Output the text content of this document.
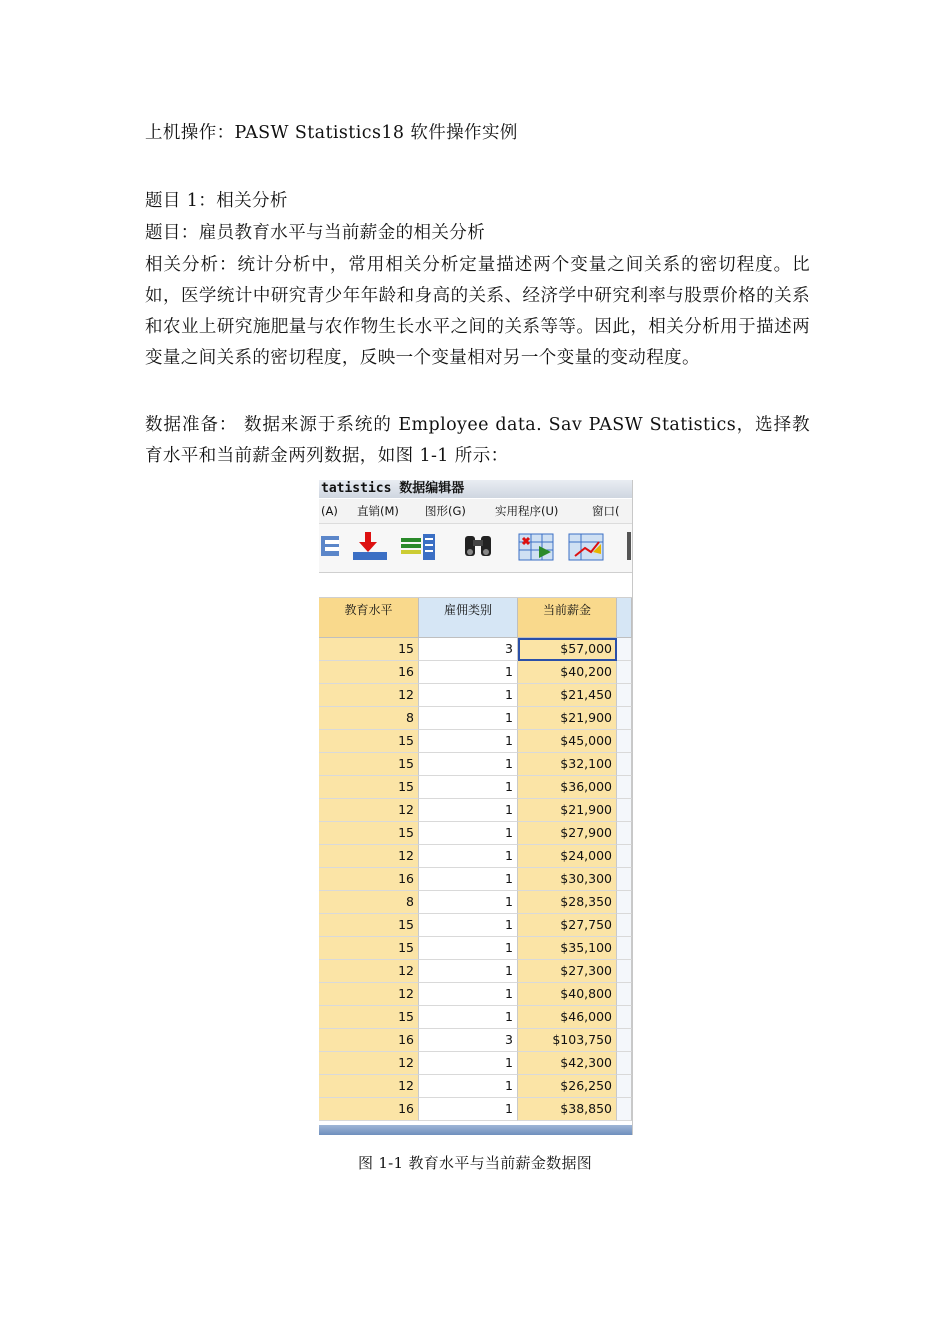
上机操作：PASW Statistics18 软件操作实例
题目 1：相关分析
题目：雇员教育水平与当前薪金的相关分析
相关分析：统计分析中，常用相关分析定量描述两个变量之间关系的密切程度。比如，医学统计中研究青少年年龄和身高的关系、经济学中研究利率与股票价格的关系和农业上研究施肥量与农作物生长水平之间的关系等等。因此，相关分析用于描述两变量之间关系的密切程度，反映一个变量相对另一个变量的变动程度。
数据准备： 数据来源于系统的 Employee data. Sav PASW Statistics，选择教育水平和当前薪金两列数据，如图 1-1 所示：
tatistics 数据编辑器
(A) 直销(M) 图形(G)	实用程序(U)	窗口(
教育水平	雇佣类别	当前薪金
15	3	$57,000
16	1	$40,200
12	1	$21,450
8	1	$21,900
15	1	$45,000
15	1	$32,100
15	1	$36,000
12	1	$21,900
15	1	$27,900
12	1	$24,000
16	1	$30,300
8	1	$28,350
15	1	$27,750
15	1	$35,100
12	1	$27,300
12	1	$40,800
15	1	$46,000
16	3	$103,750
12	1	$42,300
12	1	$26,250
16	1	$38,850
图 1-1 教育水平与当前薪金数据图
